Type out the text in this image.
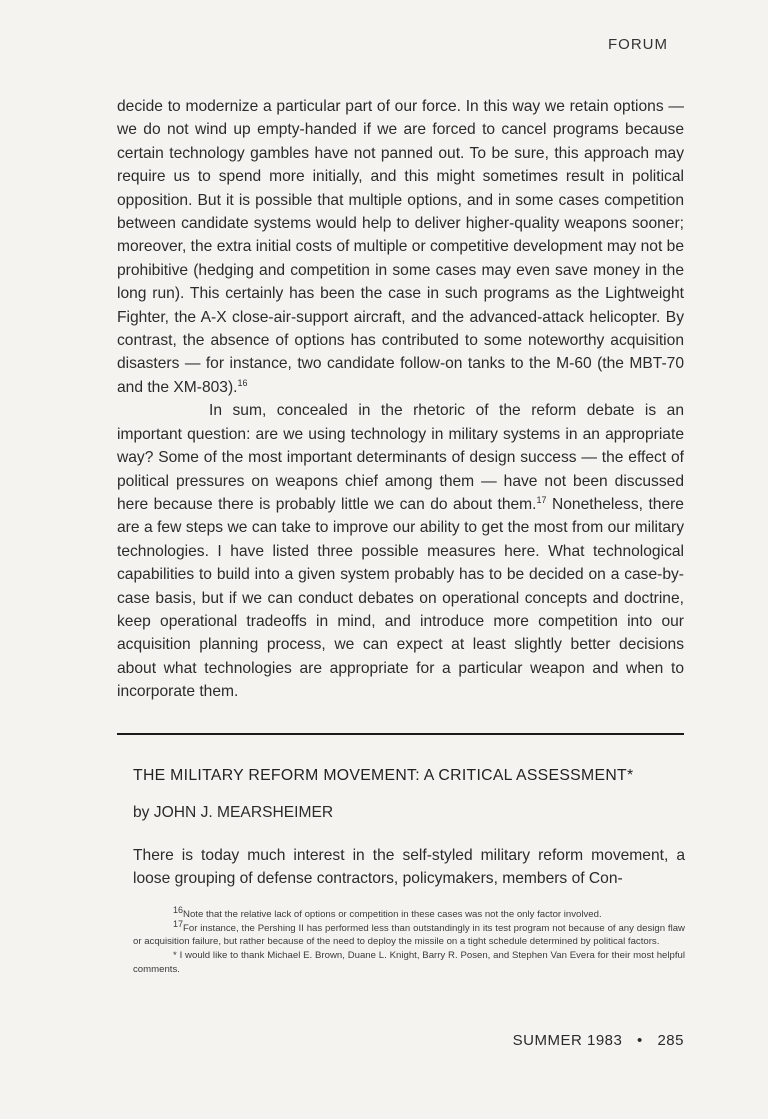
FORUM

decide to modernize a particular part of our force. In this way we retain options — we do not wind up empty-handed if we are forced to cancel programs because certain technology gambles have not panned out. To be sure, this approach may require us to spend more initially, and this might sometimes result in political opposition. But it is possible that multiple options, and in some cases competition between candidate systems would help to deliver higher-quality weapons sooner; moreover, the extra initial costs of multiple or competitive development may not be prohibitive (hedging and competition in some cases may even save money in the long run). This certainly has been the case in such programs as the Lightweight Fighter, the A-X close-air-support aircraft, and the advanced-attack helicopter. By contrast, the absence of options has contributed to some noteworthy acquisition disasters — for instance, two candidate follow-on tanks to the M-60 (the MBT-70 and the XM-803).$^{16}$

In sum, concealed in the rhetoric of the reform debate is an important question: are we using technology in military systems in an appropriate way? Some of the most important determinants of design success — the effect of political pressures on weapons chief among them — have not been discussed here because there is probably little we can do about them.$^{17}$ Nonetheless, there are a few steps we can take to improve our ability to get the most from our military technologies. I have listed three possible measures here. What technological capabilities to build into a given system probably has to be decided on a case-by-case basis, but if we can conduct debates on operational concepts and doctrine, keep operational tradeoffs in mind, and introduce more competition into our acquisition planning process, we can expect at least slightly better decisions about what technologies are appropriate for a particular weapon and when to incorporate them.

THE MILITARY REFORM MOVEMENT: A CRITICAL ASSESSMENT*
by JOHN J. MEARSHEIMER
There is today much interest in the self-styled military reform movement, a loose grouping of defense contractors, policymakers, members of Con-

$^{16}$Note that the relative lack of options or competition in these cases was not the only factor involved.

$^{17}$For instance, the Pershing II has performed less than outstandingly in its test program not because of any design flaw or acquisition failure, but rather because of the need to deploy the missile on a tight schedule determined by political factors.

* I would like to thank Michael E. Brown, Duane L. Knight, Barry R. Posen, and Stephen Van Evera for their most helpful comments.

SUMMER 1983 • 285
